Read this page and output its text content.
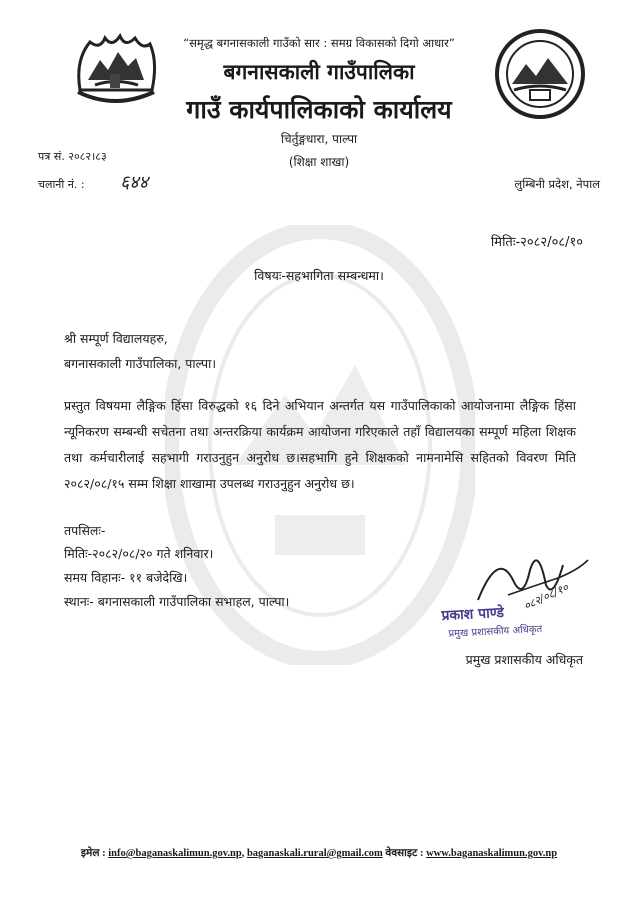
“समृद्ध बगनासकाली गाउँको सार : समग्र विकासको दिगो आधार”
बगनासकाली गाउँपालिका
गाउँ कार्यपालिकाको कार्यालय
चिर्तुङ्गधारा, पाल्पा
(शिक्षा शाखा)
पत्र सं. २०८२।८३
चलानी नं. : ६४४	लुम्बिनी प्रदेश, नेपाल
मितिः-२०८२/०८/१०
विषयः-सहभागिता सम्बन्धमा।
श्री सम्पूर्ण विद्यालयहरु,
बगनासकाली गाउँपालिका, पाल्पा।
प्रस्तुत विषयमा लैङ्गिक हिंसा विरुद्धको १६ दिने अभियान अन्तर्गत यस गाउँपालिकाको आयोजनामा लैङ्गिक हिंसा न्यूनिकरण सम्बन्धी सचेतना तथा अन्तरक्रिया कार्यक्रम आयोजना गरिएकाले तहाँ विद्यालयका सम्पूर्ण महिला शिक्षक तथा कर्मचारीलाई सहभागी गराउनुहुन अनुरोध छ।सहभागि हुने शिक्षकको नामनामेसि सहितको विवरण मिति २०८२/०८/१५ सम्म शिक्षा शाखामा उपलब्ध गराउनुहुन अनुरोध छ।
तपसिलः-
मितिः-२०८२/०८/२० गते शनिवार।
समय विहानः- ११ बजेदेखि।
स्थानः- बगनासकाली गाउँपालिका सभाहल, पाल्पा।	०८२/०८/१०
प्रकाश पाण्डे
प्रमुख प्रशासकीय अधिकृत
प्रमुख प्रशासकीय अधिकृत
इमेल : info@baganaskalimun.gov.np, baganaskali.rural@gmail.com वेवसाइट : www.baganaskalimun.gov.np
